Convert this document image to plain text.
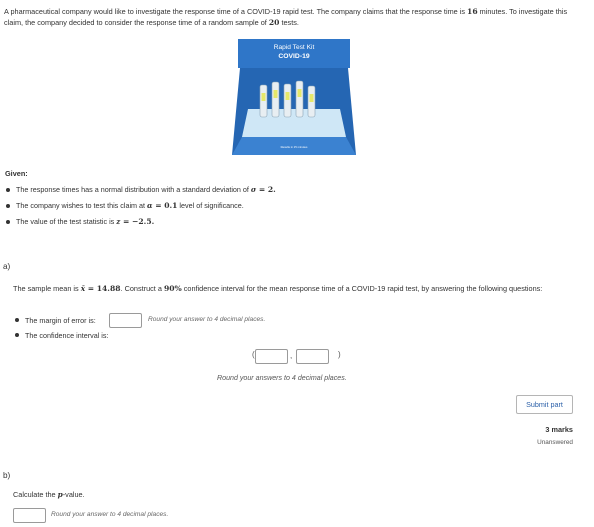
A pharmaceutical company would like to investigate the response time of a COVID-19 rapid test. The company claims that the response time is 16 minutes. To investigate this claim, the company decided to consider the response time of a random sample of 20 tests.
Rapid Test Kit
COVID-19
Results in 15 minutes
Given:
The response times has a normal distribution with a standard deviation of σ = 2.
The company wishes to test this claim at α = 0.1 level of significance.
The value of the test statistic is z = −2.5.
a)
The sample mean is x̄ = 14.88. Construct a 90% confidence interval for the mean response time of a COVID-19 rapid test, by answering the following questions:
The margin of error is:
The confidence interval is:
Round your answer to 4 decimal places.
(	,	)
Round your answers to 4 decimal places.
Submit part
3 marks
Unanswered
b)
Calculate the p-value.
Round your answer to 4 decimal places.
